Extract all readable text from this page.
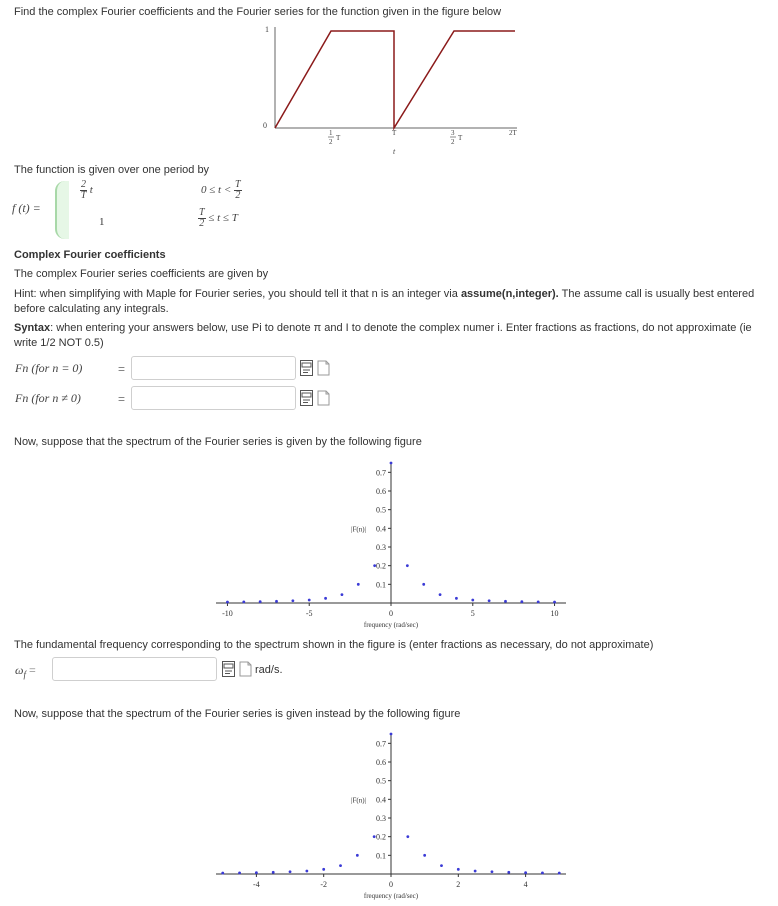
Find the complex Fourier coefficients and the Fourier series for the function given in the figure below
1
0
1
2 T
T	3
2 T
2T
t
The function is given over one period by
f (t) =
$\frac{2}{T}$ t	$0 \le t < \frac{T}{2}$
1	$\frac{T}{2} \le t \le T$
Complex Fourier coefficients
The complex Fourier series coefficients are given by
Hint: when simplifying with Maple for Fourier series, you should tell it that n is an integer via assume(n,integer). The assume call is usually best entered before calculating any integrals.
Syntax: when entering your answers below, use Pi to denote π and I to denote the complex numer i. Enter fractions as fractions, do not approximate (ie write 1/2 NOT 0.5)
Fn (for n = 0)	=
Fn (for n ≠ 0)	=
Now, suppose that the spectrum of the Fourier series is given by the following figure
0.1
0.2
0.3
0.4
0.5
0.6
0.7
-10	-5	0	5	10
|F(n)|
frequency (rad/sec)
The fundamental frequency corresponding to the spectrum shown in the figure is (enter fractions as necessary, do not approximate)
$\omega_f$ =	rad/s.
Now, suppose that the spectrum of the Fourier series is given instead by the following figure
0.1
0.2
0.3
0.4
0.5
0.6
0.7
-4	-2	0	2	4
|F(n)|
frequency (rad/sec)
